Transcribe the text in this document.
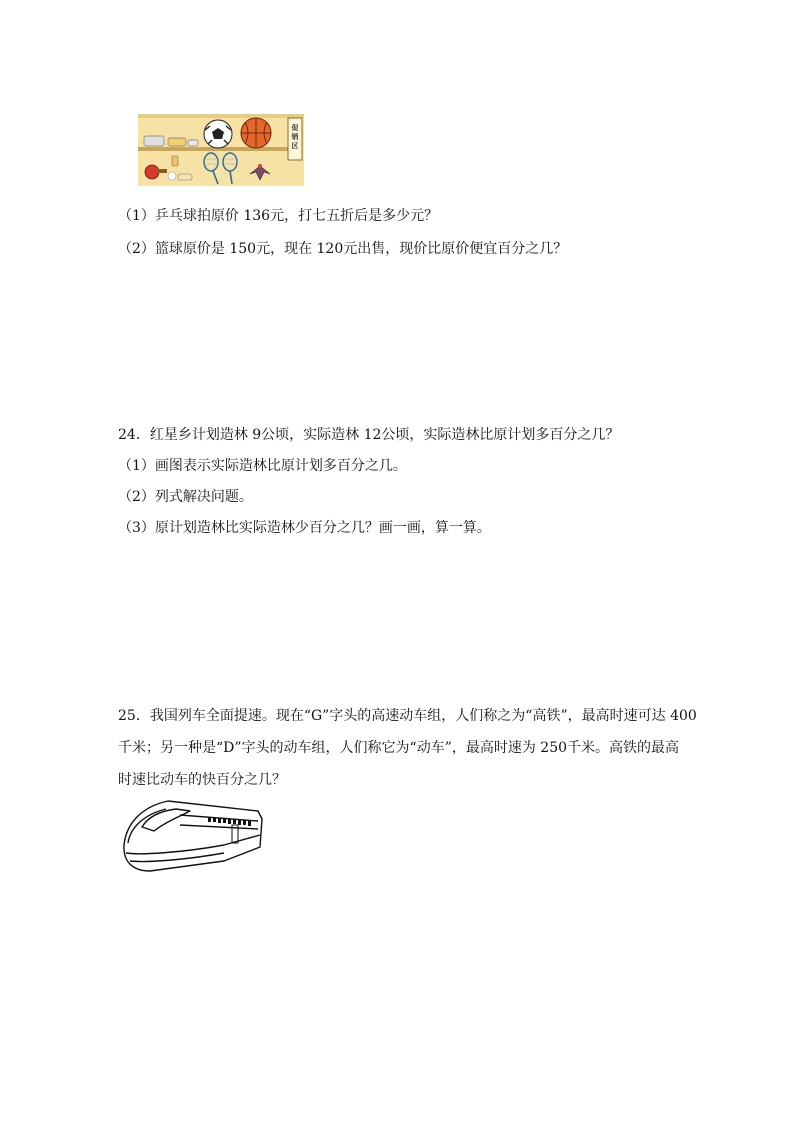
促
销
区
（1）乒乓球拍原价 136元，打七五折后是多少元？
（2）篮球原价是 150元，现在 120元出售，现价比原价便宜百分之几？
24．红星乡计划造林 9公顷，实际造林 12公顷，实际造林比原计划多百分之几？
（1）画图表示实际造林比原计划多百分之几。
（2）列式解决问题。
（3）原计划造林比实际造林少百分之几？画一画，算一算。
25．我国列车全面提速。现在“G”字头的高速动车组，人们称之为“高铁”，最高时速可达 400
千米；另一种是“D”字头的动车组，人们称它为“动车”，最高时速为 250千米。高铁的最高
时速比动车的快百分之几？
